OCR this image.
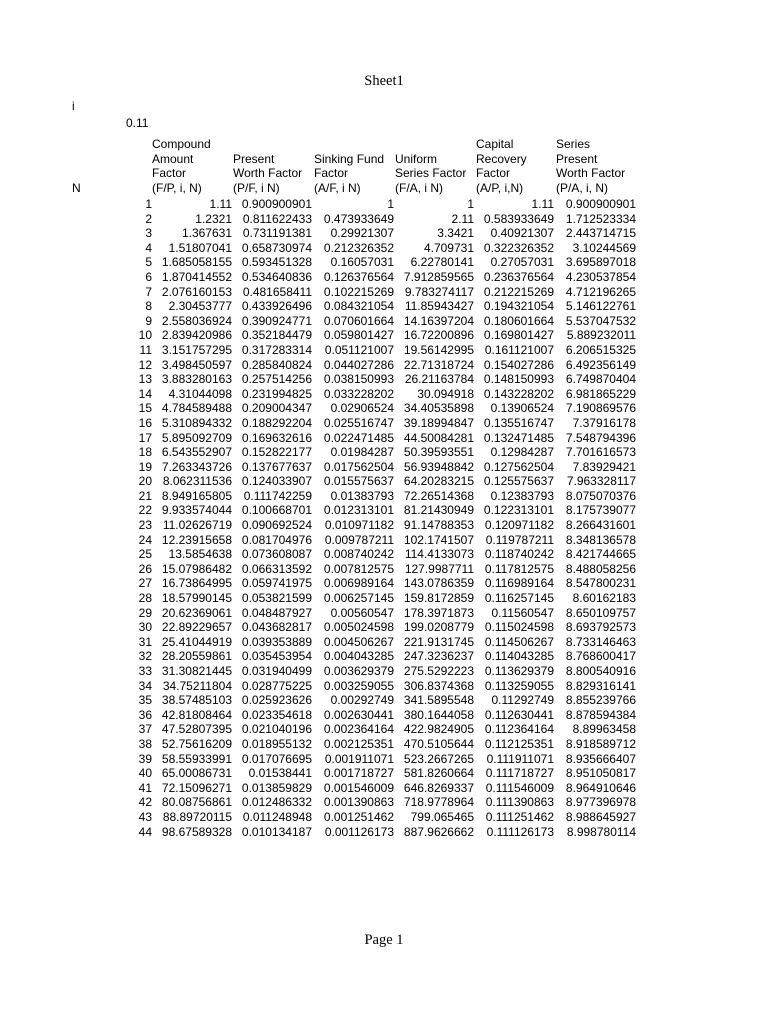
Sheet1
i
0.11
N
Compound
Amount
Factor
(F/P, i, N)
Present
Worth Factor
(P/F, i N)
Sinking Fund
Factor
(A/F, i N)
Uniform
Series Factor
(F/A, i N)
Capital
Recovery
Factor
(A/P, i,N)
Series
Present
Worth Factor
(P/A, i, N)
1	1.11 0.900900901	1	1	1.11 0.900900901
2	1.2321 0.811622433 0.473933649	2.11 0.583933649 1.712523334
3	1.367631 0.731191381	0.29921307	3.3421	0.40921307 2.443714715
4	1.51807041 0.658730974 0.212326352	4.709731 0.322326352	3.10244569
5 1.685058155 0.593451328	0.16057031	6.22780141	0.27057031 3.695897018
6 1.870414552 0.534640836 0.126376564 7.912859565 0.236376564 4.230537854
7 2.076160153 0.481658411 0.102215269 9.783274117 0.212215269 4.712196265
8	2.30453777 0.433926496 0.084321054 11.85943427 0.194321054 5.146122761
9 2.558036924 0.390924771 0.070601664 14.16397204 0.180601664 5.537047532
10 2.839420986 0.352184479 0.059801427 16.72200896 0.169801427	5.889232011
11 3.151757295 0.317283314	0.051121007 19.56142995 0.161121007 6.206515325
12 3.498450597 0.285840824 0.044027286 22.71318724 0.154027286 6.492356149
13 3.883280163 0.257514256 0.038150993 26.21163784 0.148150993 6.749870404
14	4.31044098 0.231994825 0.033228202	30.094918 0.143228202 6.981865229
15 4.784589488 0.209004347	0.02906524 34.40535898	0.13906524 7.190869576
16 5.310894332 0.188292204 0.025516747 39.18994847 0.135516747	7.37916178
17 5.895092709 0.169632616 0.022471485 44.50084281 0.132471485 7.548794396
18 6.543552907 0.152822177	0.01984287 50.39593551	0.12984287 7.701616573
19 7.263343726 0.137677637 0.017562504 56.93948842 0.127562504	7.83929421
20 8.062311536 0.124033907 0.015575637 64.20283215 0.125575637	7.963328117
21 8.949165805 0.111742259	0.01383793 72.26514368	0.12383793 8.075070376
22 9.933574044 0.100668701 0.012313101 81.21430949 0.122313101 8.175739077
23 11.02626719 0.090692524	0.010971182 91.14788353 0.120971182 8.266431601
24 12.23915658 0.081704976	0.009787211 102.1741507 0.119787211 8.348136578
25	13.5854638 0.073608087 0.008740242 114.4133073 0.118740242 8.421744665
26 15.07986482 0.066313592 0.007812575 127.9987711 0.117812575 8.488058256
27 16.73864995 0.059741975 0.006989164 143.0786359 0.116989164 8.547800231
28 18.57990145 0.053821599 0.006257145 159.8172859 0.116257145	8.60162183
29 20.62369061 0.048487927	0.00560547 178.3971873	0.11560547 8.650109757
30 22.89229657 0.043682817 0.005024598 199.0208779 0.115024598 8.693792573
31 25.41044919 0.039353889 0.004506267 221.9131745 0.114506267 8.733146463
32 28.20559861 0.035453954 0.004043285 247.3236237 0.114043285 8.768600417
33 31.30821445 0.031940499 0.003629379 275.5292223 0.113629379 8.800540916
34 34.75211804 0.028775225 0.003259055 306.8374368 0.113259055 8.829316141
35 38.57485103 0.025923626	0.00292749 341.5895548	0.11292749 8.855239766
36 42.81808464 0.023354618 0.002630441 380.1644058 0.112630441 8.878594384
37 47.52807395 0.021040196 0.002364164 422.9824905 0.112364164	8.89963458
38 52.75616209 0.018955132 0.002125351 470.5105644 0.112125351 8.918589712
39 58.55933991 0.017076695	0.001911071 523.2667265	0.111911071 8.935666407
40 65.00086731	0.01538441 0.001718727 581.8260664 0.111718727 8.951050817
41 72.15096271 0.013859829 0.001546009 646.8269337 0.111546009 8.964910646
42 80.08756861 0.012486332 0.001390863 718.9778964 0.111390863 8.977396978
43 88.89720115 0.011248948 0.001251462	799.065465 0.111251462 8.988645927
44 98.67589328 0.010134187	0.001126173 887.9626662	0.111126173	8.998780114
Page 1
